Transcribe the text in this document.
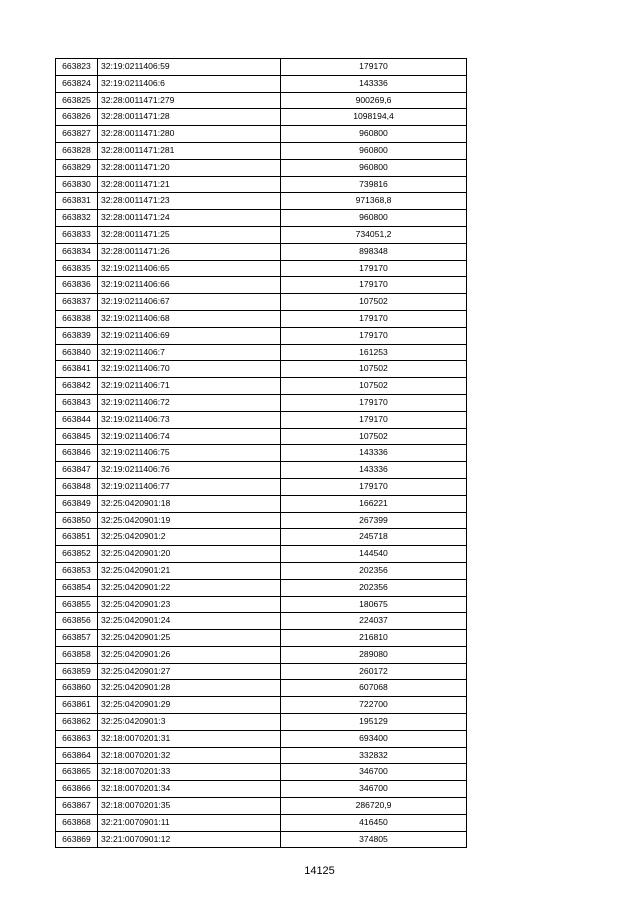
663823	32:19:0211406:59	179170
663824	32:19:0211406:6	143336
663825	32:28:0011471:279	900269,6
663826	32:28:0011471:28	1098194,4
663827	32:28:0011471:280	960800
663828	32:28:0011471:281	960800
663829	32:28:0011471:20	960800
663830	32:28:0011471:21	739816
663831	32:28:0011471:23	971368,8
663832	32:28:0011471:24	960800
663833	32:28:0011471:25	734051,2
663834	32:28:0011471:26	898348
663835	32:19:0211406:65	179170
663836	32:19:0211406:66	179170
663837	32:19:0211406:67	107502
663838	32:19:0211406:68	179170
663839	32:19:0211406:69	179170
663840	32:19:0211406:7	161253
663841	32:19:0211406:70	107502
663842	32:19:0211406:71	107502
663843	32:19:0211406:72	179170
663844	32:19:0211406:73	179170
663845	32:19:0211406:74	107502
663846	32:19:0211406:75	143336
663847	32:19:0211406:76	143336
663848	32:19:0211406:77	179170
663849	32:25:0420901:18	166221
663850	32:25:0420901:19	267399
663851	32:25:0420901:2	245718
663852	32:25:0420901:20	144540
663853	32:25:0420901:21	202356
663854	32:25:0420901:22	202356
663855	32:25:0420901:23	180675
663856	32:25:0420901:24	224037
663857	32:25:0420901:25	216810
663858	32:25:0420901:26	289080
663859	32:25:0420901:27	260172
663860	32:25:0420901:28	607068
663861	32:25:0420901:29	722700
663862	32:25:0420901:3	195129
663863	32:18:0070201:31	693400
663864	32:18:0070201:32	332832
663865	32:18:0070201:33	346700
663866	32:18:0070201:34	346700
663867	32:18:0070201:35	286720,9
663868	32:21:0070901:11	416450
663869	32:21:0070901:12	374805
14125
